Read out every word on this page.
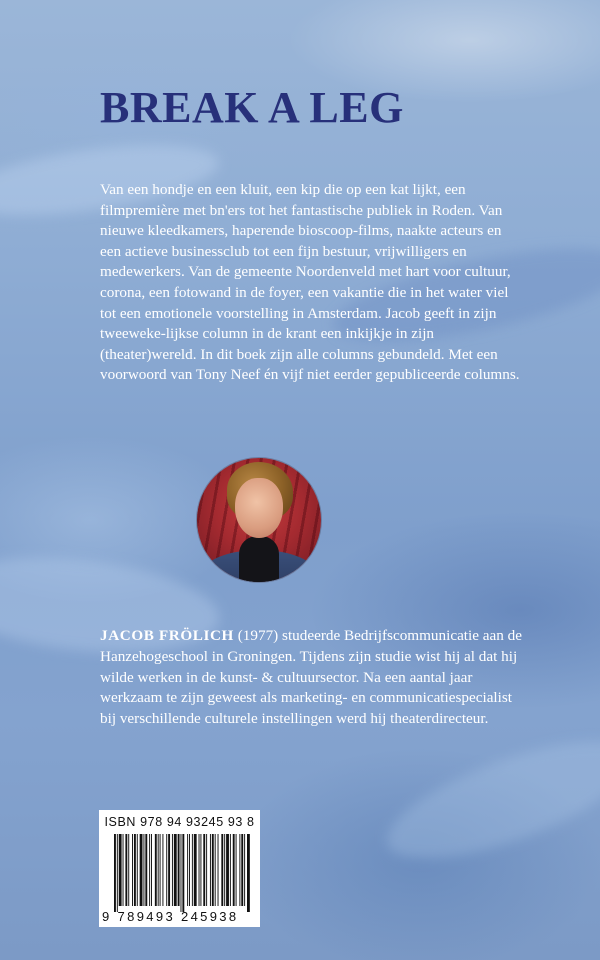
BREAK A LEG

Van een hondje en een kluit, een kip die op een kat lijkt, een filmpremière met bn'ers tot het fantastische publiek in Roden. Van nieuwe kleedkamers, haperende bioscoop-films, naakte acteurs en een actieve businessclub tot een fijn bestuur, vrijwilligers en medewerkers. Van de gemeente Noordenveld met hart voor cultuur, corona, een fotowand in de foyer, een vakantie die in het water viel tot een emotionele voorstelling in Amsterdam. Jacob geeft in zijn tweeweke-lijkse column in de krant een inkijkje in zijn (theater)wereld. In dit boek zijn alle columns gebundeld. Met een voorwoord van Tony Neef én vijf niet eerder gepubliceerde columns.

JACOB FRÖLICH (1977) studeerde Bedrijfscommunicatie aan de Hanzehogeschool in Groningen. Tijdens zijn studie wist hij al dat hij wilde werken in de kunst- & cultuursector. Na een aantal jaar werkzaam te zijn geweest als marketing- en communicatiespecialist bij verschillende culturele instellingen werd hij theaterdirecteur.

ISBN 978 94 93245 93 8
9 789493 245938
